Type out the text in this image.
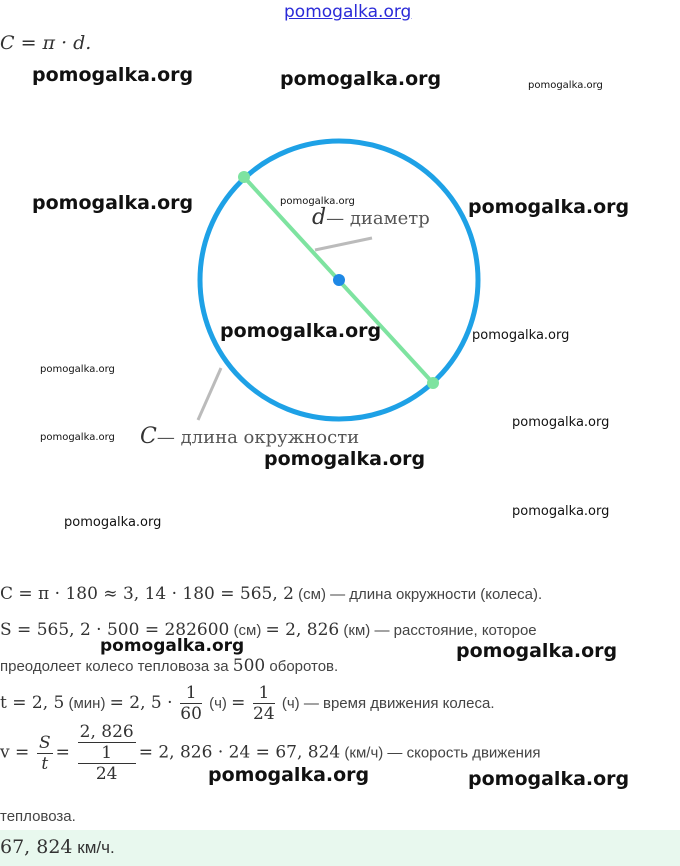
pomogalka.org
C = π · d.
d— диаметр
C— длина окружности
C = π · 180 ≈ 3, 14 · 180 = 565, 2 (см) — длина окружности (колеса).
S = 565, 2 · 500 = 282600 (см) = 2, 826 (км) — расстояние, которое
преодолеет колесо тепловоза за 500 оборотов.
t = 2, 5 (мин) = 2, $5 \cdot \frac{1}{60} (ч) = \frac{1}{24} (ч)$ — время движения колеса.
$v = \frac{S}{t} = 2$, 826
1
24 = 2, 826 · 24 = 67, 824 (км/ч) — скорость движения
тепловоза.
67, 824 км/ч.
pomogalka.org	pomogalka.org	pomogalka.org
pomogalka.org	pomogalka.org	pomogalka.org
pomogalka.org	pomogalka.org
pomogalka.org
pomogalka.org
pomogalka.org
pomogalka.org
pomogalka.org
pomogalka.org
pomogalka.org
pomogalka.org
pomogalka.org	pomogalka.org
